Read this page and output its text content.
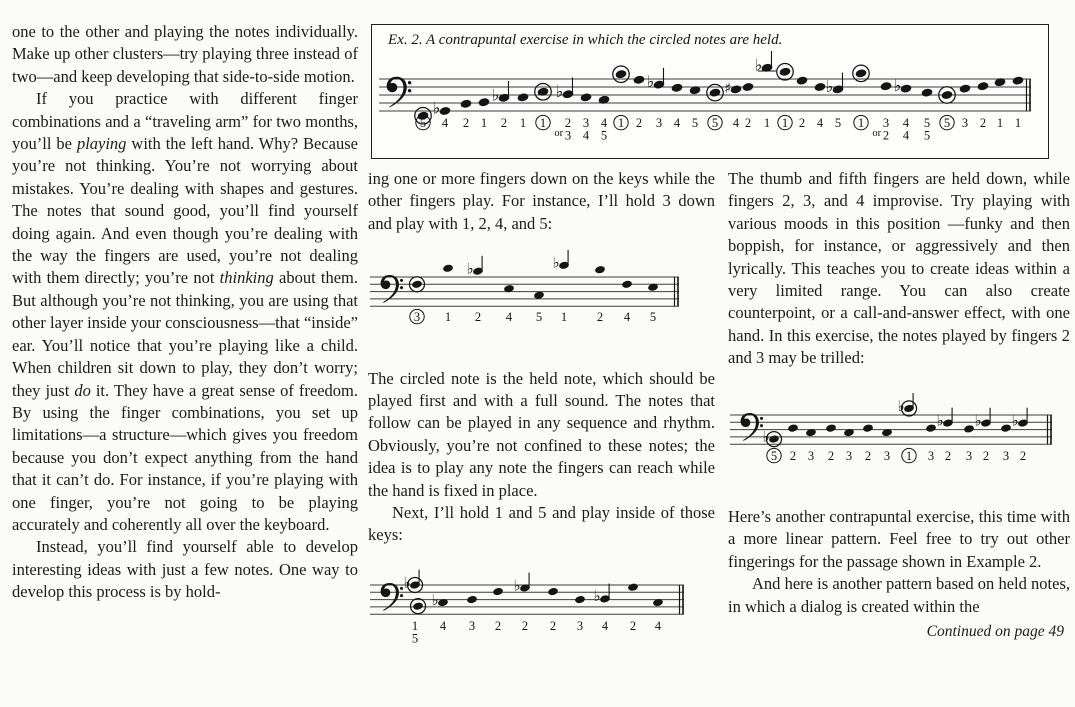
one to the other and playing the notes individually. Make up other clusters—try playing three instead of two—and keep developing that side-to-side motion.

If you practice with different finger combinations and a “traveling arm” for two months, you’ll be playing with the left hand. Why? Because you’re not thinking. You’re not worrying about mistakes. You’re dealing with shapes and gestures. The notes that sound good, you’ll find yourself doing again. And even though you’re dealing with the way the fingers are used, you’re not dealing with them directly; you’re not thinking about them. But although you’re not thinking, you are using that other layer inside your consciousness—that “inside” ear. You’ll notice that you’re playing like a child. When children sit down to play, they don’t worry; they just do it. They have a great sense of freedom. By using the finger combinations, you set up limitations—a structure—which gives you freedom because you don’t expect anything from the hand that it can’t do. For instance, if you’re playing with one finger, you’re not going to be playing accurately and coherently all over the keyboard.

Instead, you’ll find yourself able to develop interesting ideas with just a few notes. One way to develop this process is by hold-

Ex. 2. A contrapuntal exercise in which the circled notes are held.
♭
♭	♭
♭	♯
♭
♭	♭
5 4 2 1 2 1 1 2
or 3
3
4
4
5
1 2 3 4 5 5 4 2 1 1 2 4 5 1 3
or 2
4
4
5
5
5 3 2 1 1

ing one or more fingers down on the keys while the other fingers play. For instance, I’ll hold 3 down and play with 1, 2, 4, and 5:

♭	♭
3 1 2 4 5 1 2 4 5

The circled note is the held note, which should be played first and with a full sound. The notes that follow can be played in any sequence and rhythm. Obviously, you’re not confined to these notes; the idea is to play any note the fingers can reach while the hand is fixed in place.

Next, I’ll hold 1 and 5 and play inside of those keys:

♭
♭
♭
♭
1
5
4 3 2 2 2 3 4 2 4

The thumb and fifth fingers are held down, while fingers 2, 3, and 4 improvise. Try playing with various moods in this position —funky and then boppish, for instance, or aggressively and then lyrically. This teaches you to create ideas within a very limited range. You can also create counterpoint, or a call-and-answer effect, with one hand. In this exercise, the notes played by fingers 2 and 3 may be trilled:

♭
♭
♭ ♭ ♭
5 2 3 2 3 2 3 1 3 2 3 2 3 2

Here’s another contrapuntal exercise, this time with a more linear pattern. Feel free to try out other fingerings for the passage shown in Example 2.

And here is another pattern based on held notes, in which a dialog is created within the

Continued on page 49
